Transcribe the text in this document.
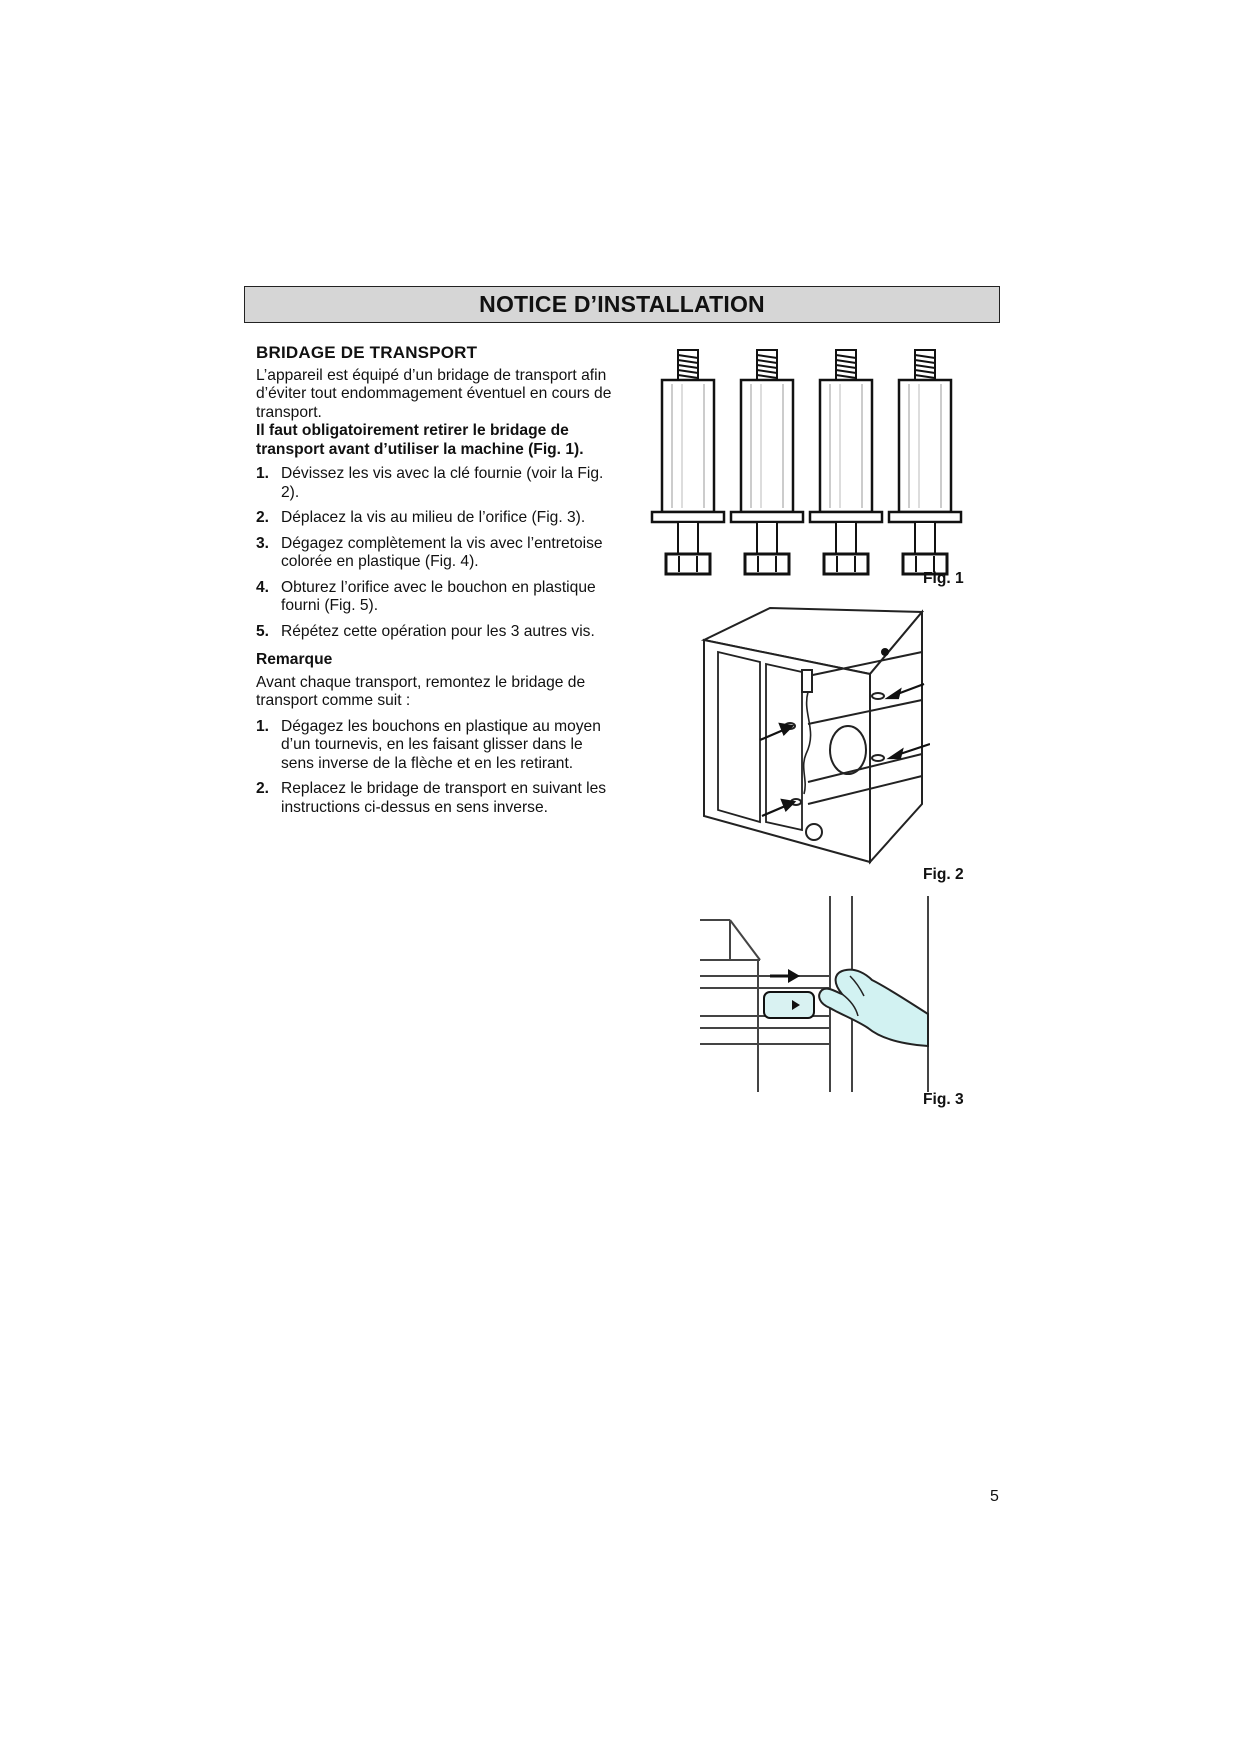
NOTICE D’INSTALLATION
BRIDAGE DE TRANSPORT

L’appareil est équipé d’un bridage de transport afin d’éviter tout endommagement éventuel en cours de transport.

Il faut obligatoirement retirer le bridage de transport avant d’utiliser la machine (Fig. 1).

1. Dévissez les vis avec la clé fournie (voir la Fig. 2).
2. Déplacez la vis au milieu de l’orifice (Fig. 3).
3. Dégagez complètement la vis avec l’entretoise colorée en plastique (Fig. 4).
4. Obturez l’orifice avec le bouchon en plastique fourni (Fig. 5).
5. Répétez cette opération pour les 3 autres vis.
Remarque

Avant chaque transport, remontez le bridage de transport comme suit :

1. Dégagez les bouchons en plastique au moyen d’un tournevis, en les faisant glisser dans le sens inverse de la flèche et en les retirant.
2. Replacez le bridage de transport en suivant les instructions ci-dessus en sens inverse.
Fig. 1
Fig. 2
Fig. 3
5
